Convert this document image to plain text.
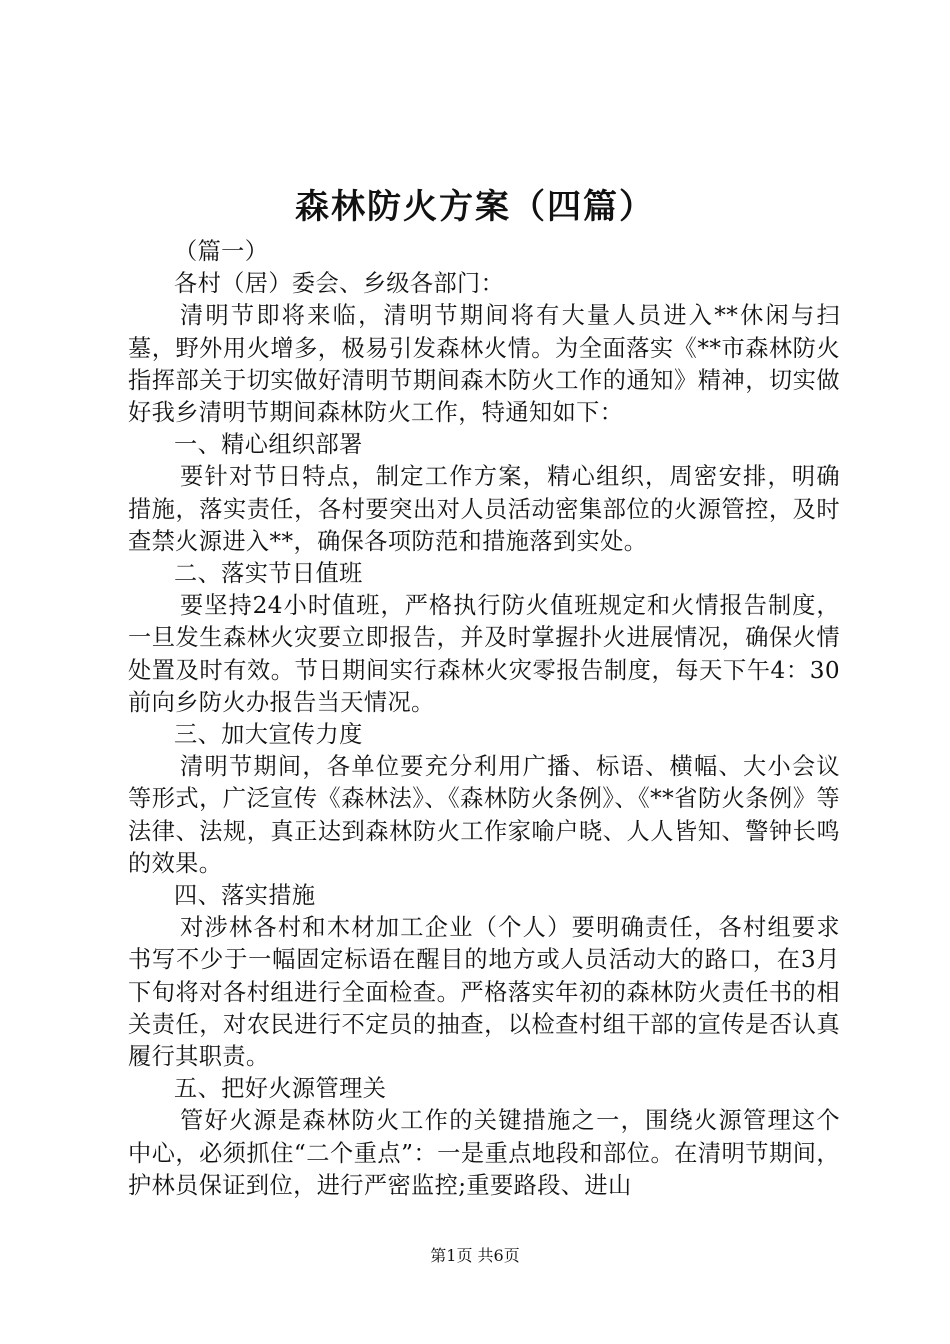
森林防火方案（四篇）

（篇一）

各村（居）委会、乡级各部门：

清明节即将来临，清明节期间将有大量人员进入**休闲与扫墓，野外用火增多，极易引发森林火情。为全面落实《**市森林防火指挥部关于切实做好清明节期间森木防火工作的通知》精神，切实做好我乡清明节期间森林防火工作，特通知如下：

一、精心组织部署

要针对节日特点，制定工作方案，精心组织，周密安排，明确措施，落实责任，各村要突出对人员活动密集部位的火源管控，及时查禁火源进入**，确保各项防范和措施落到实处。

二、落实节日值班

要坚持24小时值班，严格执行防火值班规定和火情报告制度，一旦发生森林火灾要立即报告，并及时掌握扑火进展情况，确保火情处置及时有效。节日期间实行森林火灾零报告制度，每天下午4：30前向乡防火办报告当天情况。

三、加大宣传力度

清明节期间，各单位要充分利用广播、标语、横幅、大小会议等形式，广泛宣传《森林法》、《森林防火条例》、《**省防火条例》等法律、法规，真正达到森林防火工作家喻户晓、人人皆知、警钟长鸣的效果。

四、落实措施

对涉林各村和木材加工企业（个人）要明确责任，各村组要求书写不少于一幅固定标语在醒目的地方或人员活动大的路口，在3月下旬将对各村组进行全面检查。严格落实年初的森林防火责任书的相关责任，对农民进行不定员的抽查，以检查村组干部的宣传是否认真履行其职责。

五、把好火源管理关

管好火源是森林防火工作的关键措施之一，围绕火源管理这个中心，必须抓住“二个重点”：一是重点地段和部位。在清明节期间，护林员保证到位，进行严密监控;重要路段、进山

第1页 共6页
